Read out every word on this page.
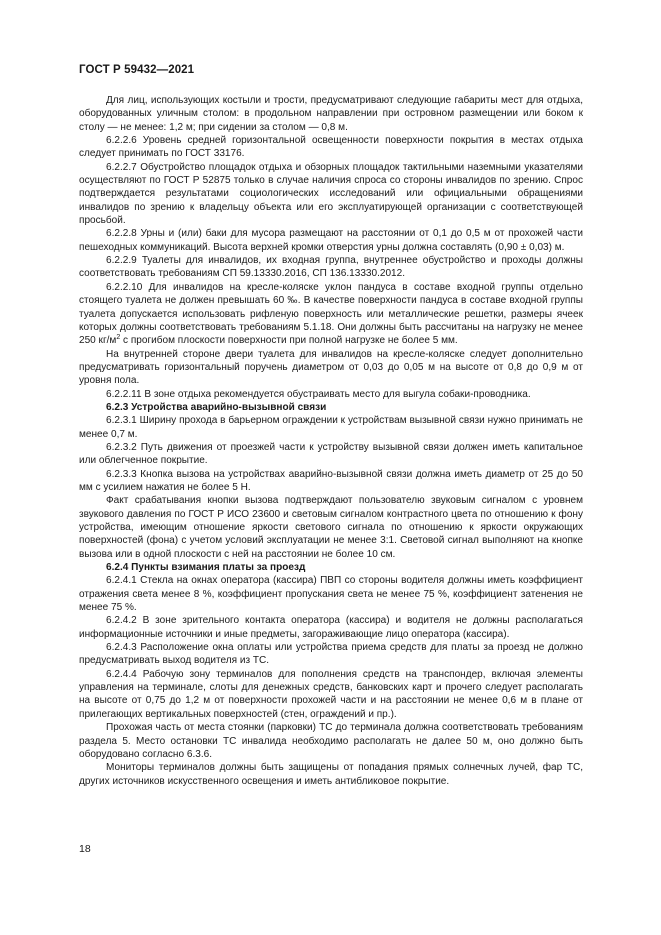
ГОСТ Р 59432—2021

Для лиц, использующих костыли и трости, предусматривают следующие габариты мест для отдыха, оборудованных уличным столом: в продольном направлении при островном размещении или боком к столу — не менее: 1,2 м; при сидении за столом — 0,8 м.

6.2.2.6 Уровень средней горизонтальной освещенности поверхности покрытия в местах отдыха следует принимать по ГОСТ 33176.

6.2.2.7 Обустройство площадок отдыха и обзорных площадок тактильными наземными указателями осуществляют по ГОСТ Р 52875 только в случае наличия спроса со стороны инвалидов по зрению. Спрос подтверждается результатами социологических исследований или официальными обращениями инвалидов по зрению к владельцу объекта или его эксплуатирующей организации с соответствующей просьбой.

6.2.2.8 Урны и (или) баки для мусора размещают на расстоянии от 0,1 до 0,5 м от прохожей части пешеходных коммуникаций. Высота верхней кромки отверстия урны должна составлять (0,90 ± 0,03) м.

6.2.2.9 Туалеты для инвалидов, их входная группа, внутреннее обустройство и проходы должны соответствовать требованиям СП 59.13330.2016, СП 136.13330.2012.

6.2.2.10 Для инвалидов на кресле-коляске уклон пандуса в составе входной группы отдельно стоящего туалета не должен превышать 60 ‰. В качестве поверхности пандуса в составе входной группы туалета допускается использовать рифленую поверхность или металлические решетки, размеры ячеек которых должны соответствовать требованиям 5.1.18. Они должны быть рассчитаны на нагрузку не менее 250 $кг/м^2$ с прогибом плоскости поверхности при полной нагрузке не более 5 мм.

На внутренней стороне двери туалета для инвалидов на кресле-коляске следует дополнительно предусматривать горизонтальный поручень диаметром от 0,03 до 0,05 м на высоте от 0,8 до 0,9 м от уровня пола.

6.2.2.11 В зоне отдыха рекомендуется обустраивать место для выгула собаки-проводника.

6.2.3 Устройства аварийно-вызывной связи

6.2.3.1 Ширину прохода в барьерном ограждении к устройствам вызывной связи нужно принимать не менее 0,7 м.

6.2.3.2 Путь движения от проезжей части к устройству вызывной связи должен иметь капитальное или облегченное покрытие.

6.2.3.3 Кнопка вызова на устройствах аварийно-вызывной связи должна иметь диаметр от 25 до 50 мм с усилием нажатия не более 5 Н.

Факт срабатывания кнопки вызова подтверждают пользователю звуковым сигналом с уровнем звукового давления по ГОСТ Р ИСО 23600 и световым сигналом контрастного цвета по отношению к фону устройства, имеющим отношение яркости светового сигнала по отношению к яркости окружающих поверхностей (фона) с учетом условий эксплуатации не менее 3:1. Световой сигнал выполняют на кнопке вызова или в одной плоскости с ней на расстоянии не более 10 см.

6.2.4 Пункты взимания платы за проезд

6.2.4.1 Стекла на окнах оператора (кассира) ПВП со стороны водителя должны иметь коэффициент отражения света менее 8 %, коэффициент пропускания света не менее 75 %, коэффициент затенения не менее 75 %.

6.2.4.2 В зоне зрительного контакта оператора (кассира) и водителя не должны располагаться информационные источники и иные предметы, загораживающие лицо оператора (кассира).

6.2.4.3 Расположение окна оплаты или устройства приема средств для платы за проезд не должно предусматривать выход водителя из ТС.

6.2.4.4 Рабочую зону терминалов для пополнения средств на транспондер, включая элементы управления на терминале, слоты для денежных средств, банковских карт и прочего следует располагать на высоте от 0,75 до 1,2 м от поверхности прохожей части и на расстоянии не менее 0,6 м в плане от прилегающих вертикальных поверхностей (стен, ограждений и пр.).

Прохожая часть от места стоянки (парковки) ТС до терминала должна соответствовать требованиям раздела 5. Место остановки ТС инвалида необходимо располагать не далее 50 м, оно должно быть оборудовано согласно 6.3.6.

Мониторы терминалов должны быть защищены от попадания прямых солнечных лучей, фар ТС, других источников искусственного освещения и иметь антибликовое покрытие.

18
